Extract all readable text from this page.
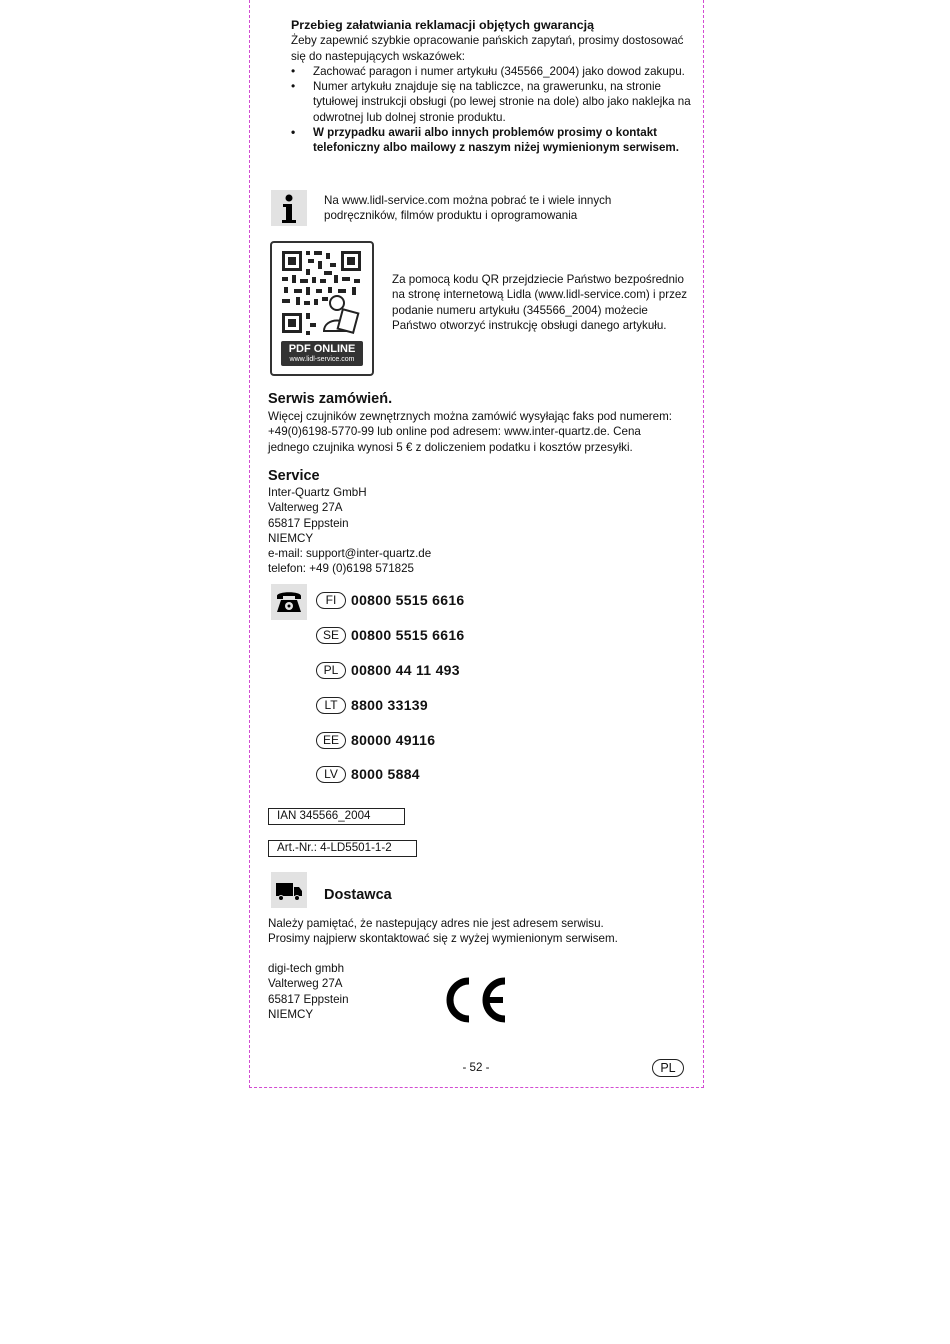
Przebieg załatwiania reklamacji objętych gwarancją
Żeby zapewnić szybkie opracowanie pańskich zapytań, prosimy dostosować się do nastepujących wskazówek:
• Zachować paragon i numer artykułu (345566_2004) jako dowod zakupu.
• Numer artykułu znajduje się na tabliczce, na grawerunku, na stronie tytułowej instrukcji obsługi (po lewej stronie na dole) albo jako naklejka na odwrotnej lub dolnej stronie produktu.
• W przypadku awarii albo innych problemów prosimy o kontakt telefoniczny albo mailowy z naszym niżej wymienionym serwisem.
Na www.lidl-service.com można pobrać te i wiele innych podręczników, filmów produktu i oprogramowania
PDF ONLINE
www.lidl-service.com
Za pomocą kodu QR przejdziecie Państwo bezpośrednio na stronę internetową Lidla (www.lidl-service.com) i przez podanie numeru artykułu (345566_2004) możecie Państwo otworzyć instrukcję obsługi danego artykułu.
Serwis zamówień.
Więcej czujników zewnętrznych można zamówić wysyłając faks pod numerem: +49(0)6198-5770-99 lub online pod adresem: www.inter-quartz.de. Cena jednego czujnika wynosi 5 € z doliczeniem podatku i kosztów przesyłki.
Service
Inter-Quartz GmbH
Valterweg 27A
65817 Eppstein
NIEMCY
e-mail: support@inter-quartz.de
telefon: +49 (0)6198 571825
FI	00800 5515 6616
SE 00800 5515 6616
PL 00800 44 11 493
LT 8800 33139
EE 80000 49116
LV 8000 5884
IAN 345566_2004
Art.-Nr.: 4-LD5501-1-2
Dostawca
Należy pamiętać, że nastepujący adres nie jest adresem serwisu.
Prosimy najpierw skontaktować się z wyżej wymienionym serwisem.
digi-tech gmbh
Valterweg 27A
65817 Eppstein
NIEMCY
- 52 -	PL
